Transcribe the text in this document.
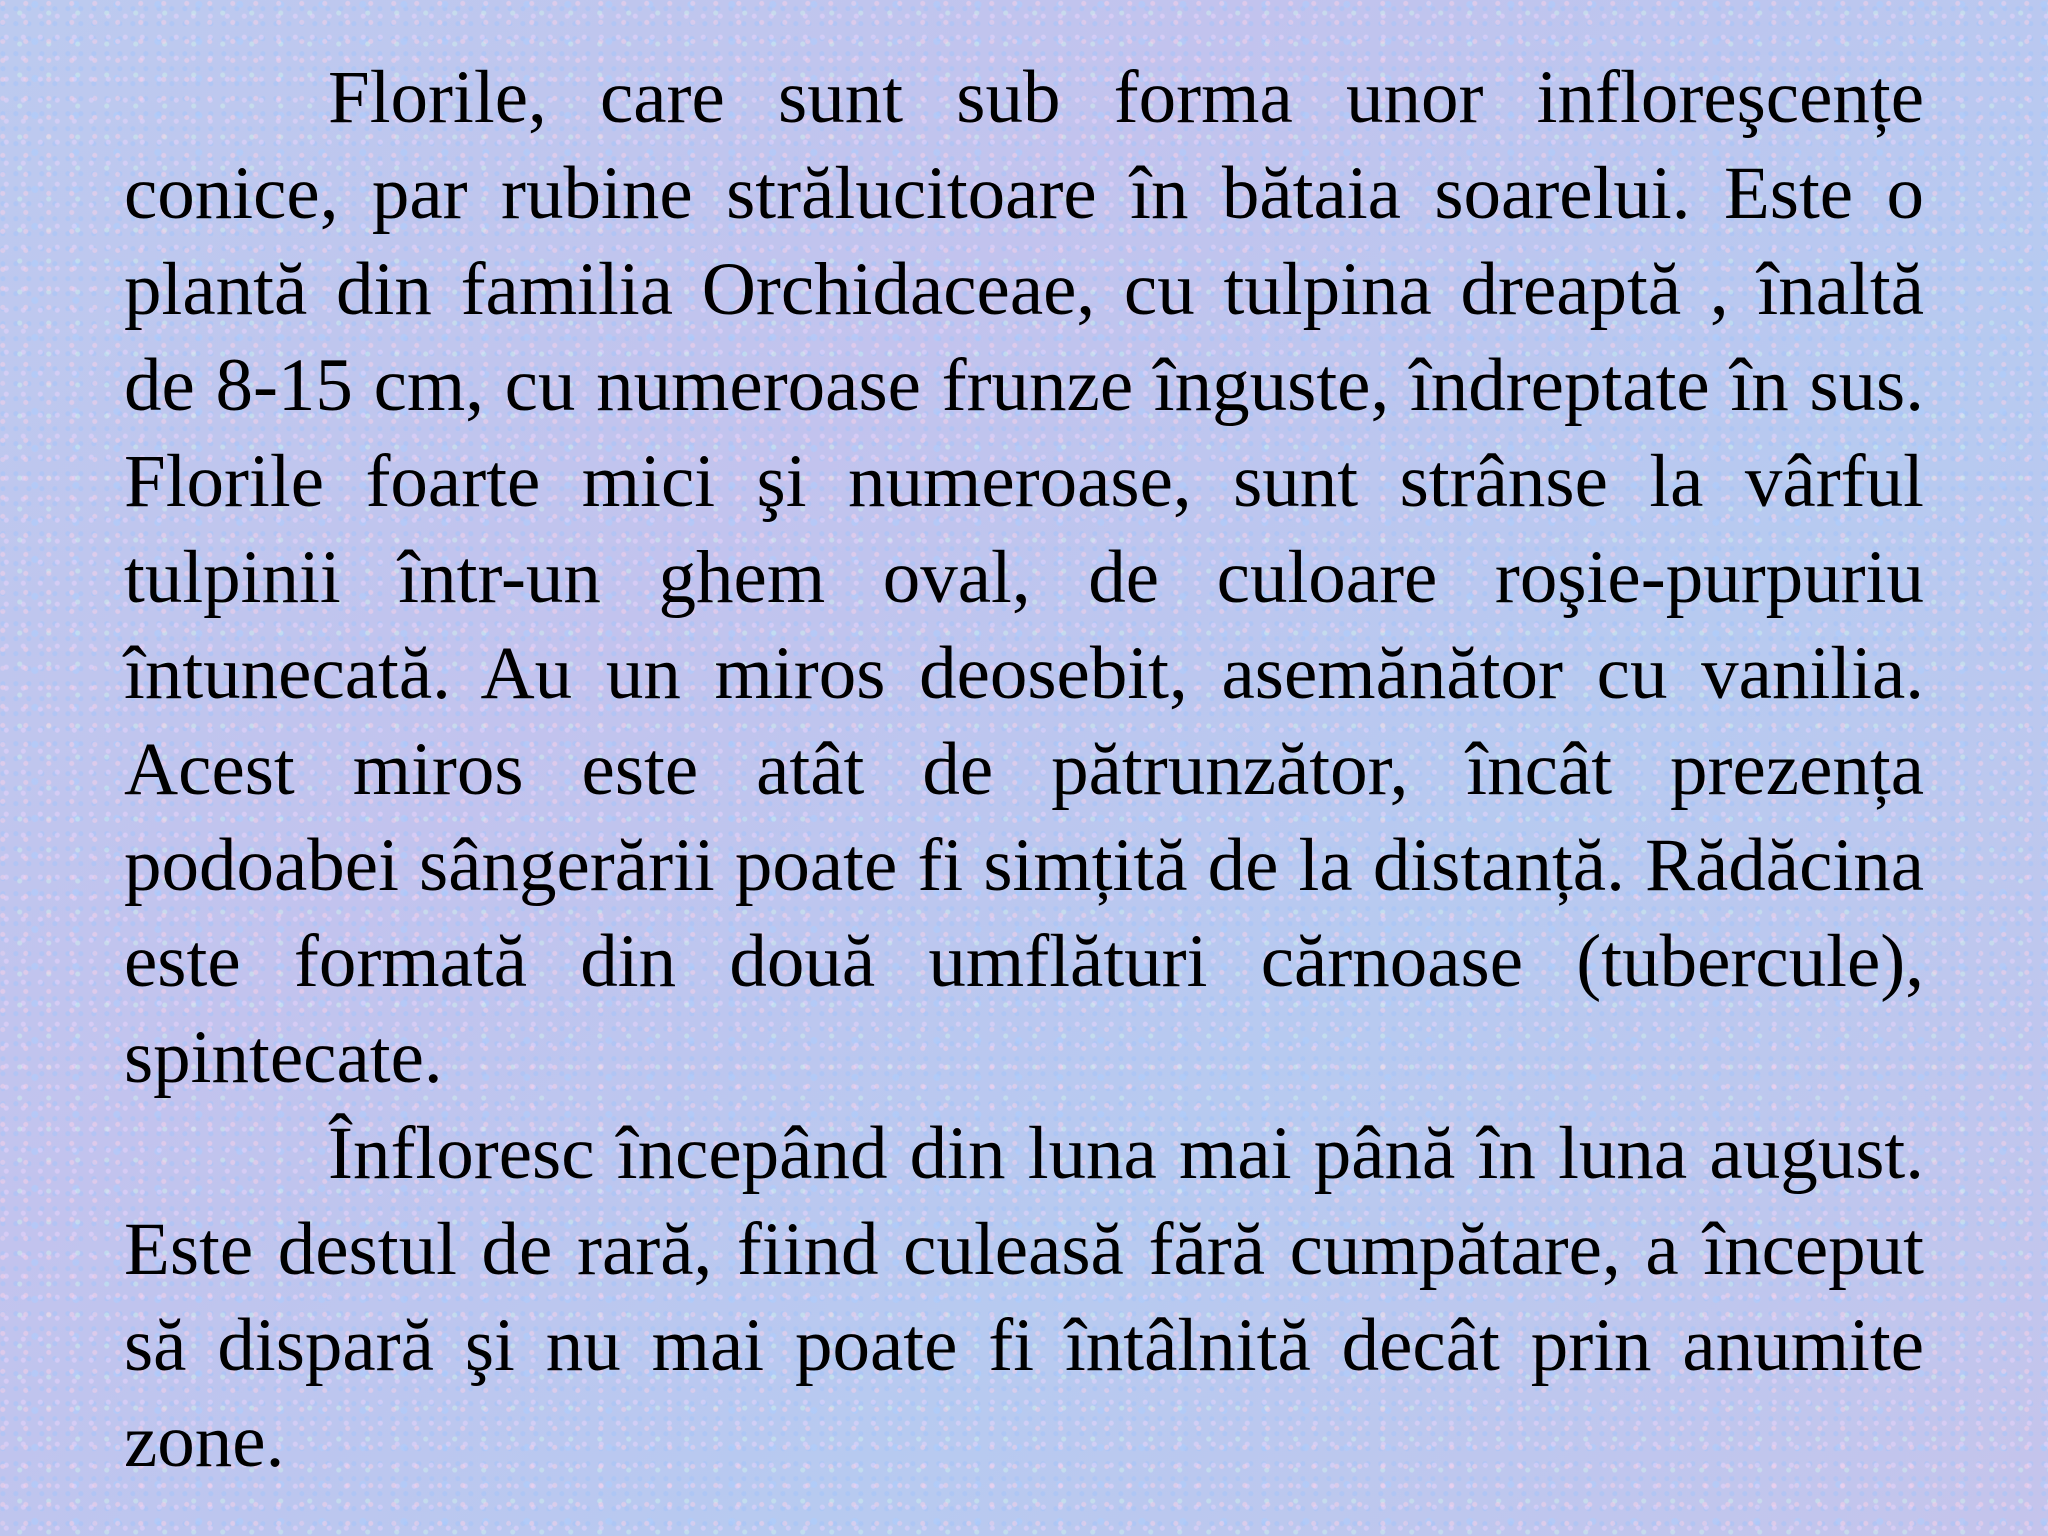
Florile, care sunt sub forma unor infloreşcențe conice, par rubine strălucitoare în bătaia soarelui. Este o plantă din familia Orchidaceae, cu tulpina dreaptă , înaltă de 8-15 cm, cu numeroase frunze înguste, îndreptate în sus. Florile foarte mici şi numeroase, sunt strânse la vârful tulpinii într-un ghem oval, de culoare roşie-purpuriu întunecată. Au un miros deosebit, asemănător cu vanilia. Acest miros este atât de pătrunzător, încât prezența podoabei sângerării poate fi simțită de la distanță. Rădăcina este formată din două umflături cărnoase (tubercule), spintecate.

Înfloresc începând din luna mai până în luna august. Este destul de rară, fiind culeasă fără cumpătare, a început să dispară şi nu mai poate fi întâlnită decât prin anumite zone.
